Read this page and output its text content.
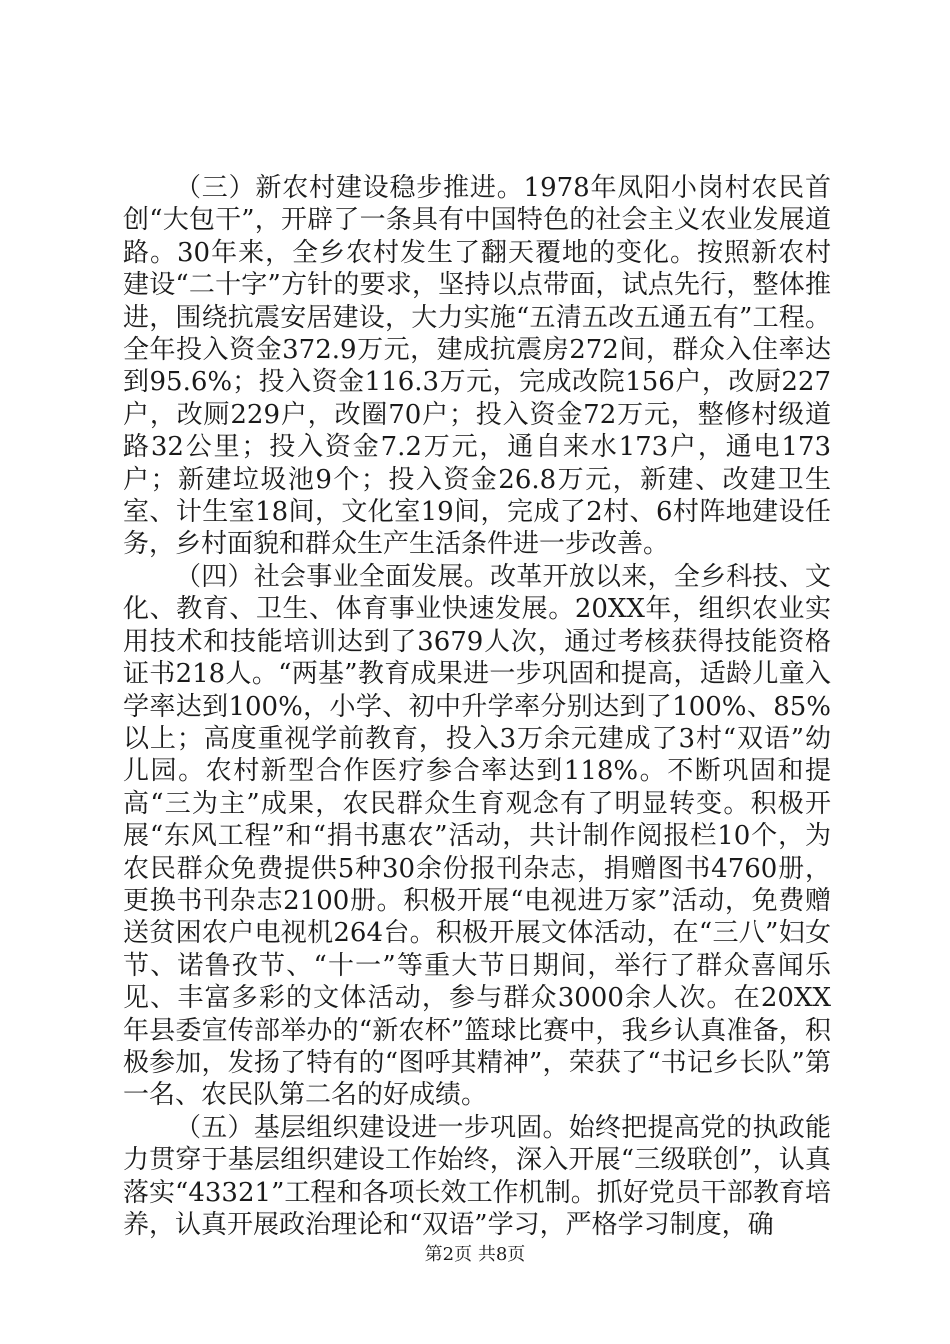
（三）新农村建设稳步推进。1978年凤阳小岗村农民首创“大包干”，开辟了一条具有中国特色的社会主义农业发展道路。30年来，全乡农村发生了翻天覆地的变化。按照新农村建设“二十字”方针的要求，坚持以点带面，试点先行，整体推进，围绕抗震安居建设，大力实施“五清五改五通五有”工程。全年投入资金372.9万元，建成抗震房272间，群众入住率达到95.6%；投入资金116.3万元，完成改院156户，改厨227户，改厕229户，改圈70户；投入资金72万元，整修村级道路32公里；投入资金7.2万元，通自来水173户，通电173户；新建垃圾池9个；投入资金26.8万元，新建、改建卫生室、计生室18间，文化室19间，完成了2村、6村阵地建设任务，乡村面貌和群众生产生活条件进一步改善。

（四）社会事业全面发展。改革开放以来，全乡科技、文化、教育、卫生、体育事业快速发展。20XX年，组织农业实用技术和技能培训达到了3679人次，通过考核获得技能资格证书218人。“两基”教育成果进一步巩固和提高，适龄儿童入学率达到100%，小学、初中升学率分别达到了100%、85%以上；高度重视学前教育，投入3万余元建成了3村“双语”幼儿园。农村新型合作医疗参合率达到118%。不断巩固和提高“三为主”成果，农民群众生育观念有了明显转变。积极开展“东风工程”和“捐书惠农”活动，共计制作阅报栏10个，为农民群众免费提供5种30余份报刊杂志，捐赠图书4760册，更换书刊杂志2100册。积极开展“电视进万家”活动，免费赠送贫困农户电视机264台。积极开展文体活动，在“三八”妇女节、诺鲁孜节、“十一”等重大节日期间，举行了群众喜闻乐见、丰富多彩的文体活动，参与群众3000余人次。在20XX年县委宣传部举办的“新农杯”篮球比赛中，我乡认真准备，积极参加，发扬了特有的“图呼其精神”，荣获了“书记乡长队”第一名、农民队第二名的好成绩。

（五）基层组织建设进一步巩固。始终把提高党的执政能力贯穿于基层组织建设工作始终，深入开展“三级联创”，认真落实“43321”工程和各项长效工作机制。抓好党员干部教育培养，认真开展政治理论和“双语”学习，严格学习制度，确

第2页 共8页
